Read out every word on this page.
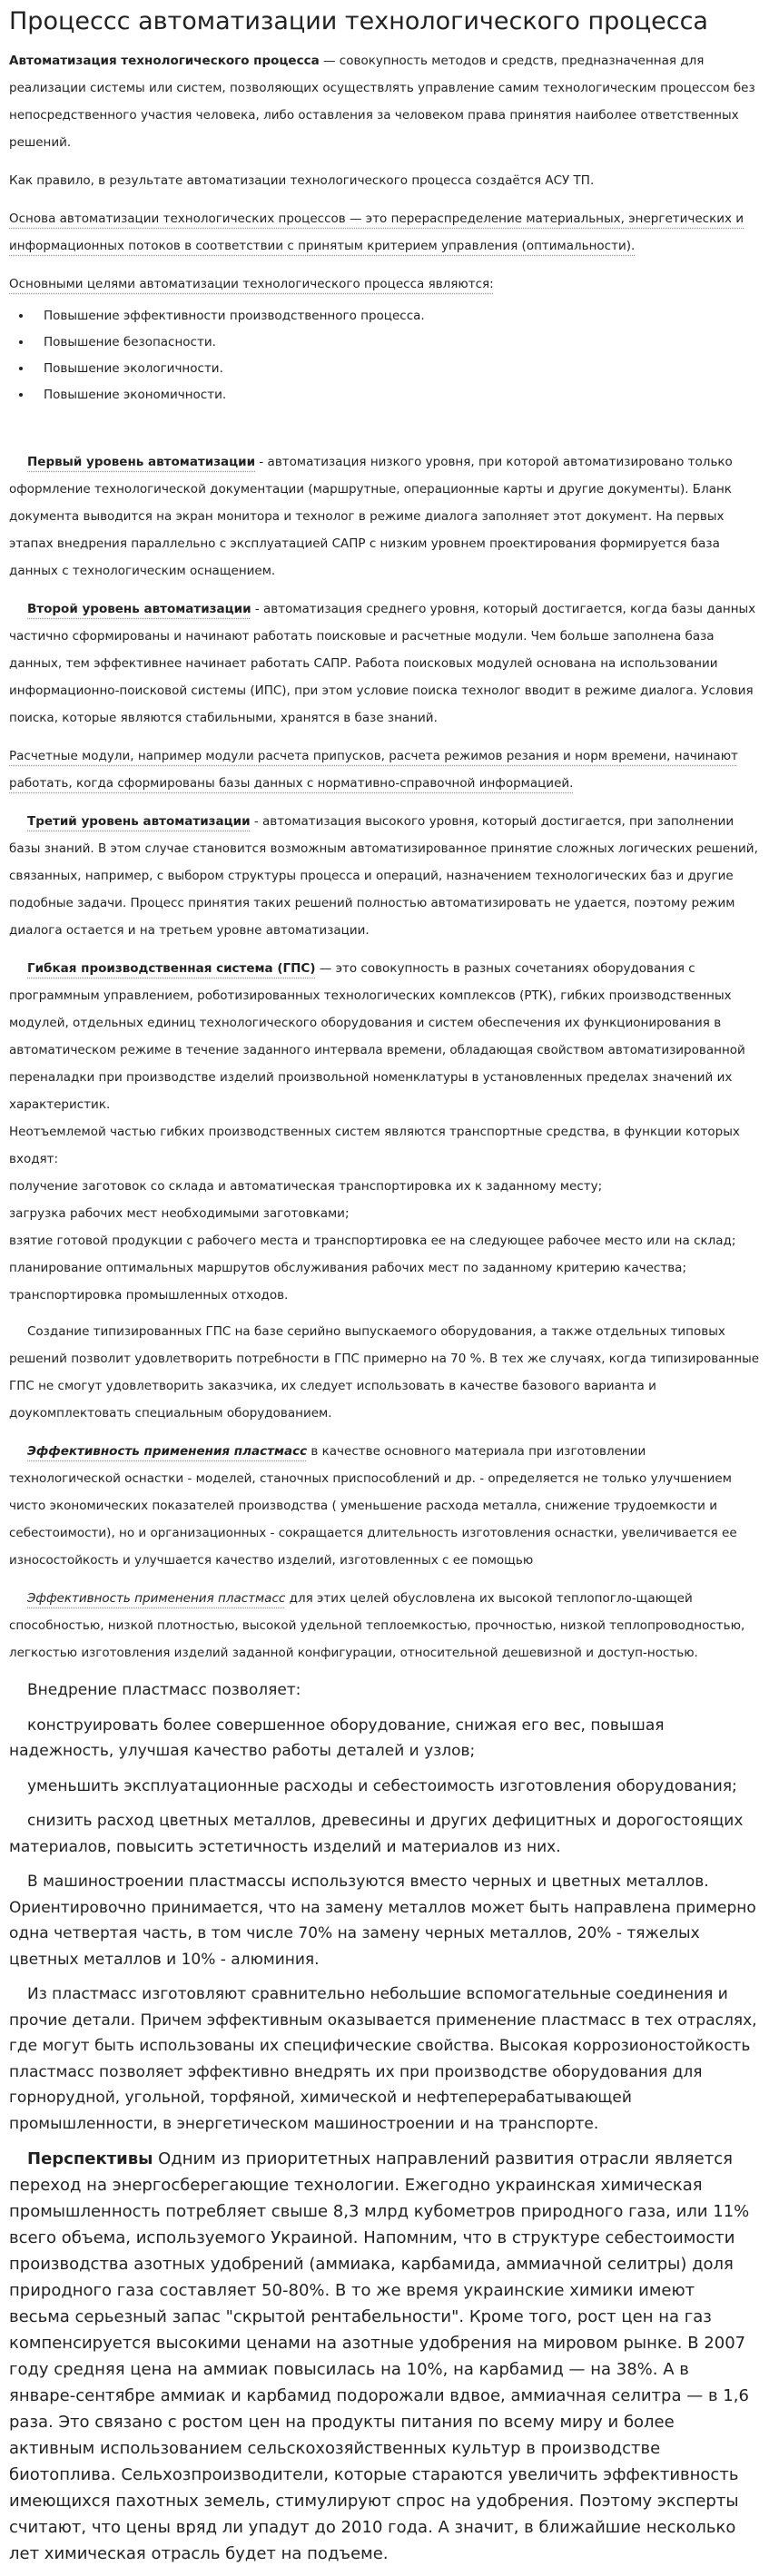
Процессс автоматизации технологического процесса

Автоматизация технологического процесса — совокупность методов и средств, предназначенная для реализации системы или систем, позволяющих осуществлять управление самим технологическим процессом без непосредственного участия человека, либо оставления за человеком права принятия наиболее ответственных решений.

Как правило, в результате автоматизации технологического процесса создаётся АСУ ТП.

Основа автоматизации технологических процессов — это перераспределение материальных, энергетических и информационных потоков в соответствии с принятым критерием управления (оптимальности).

Основными целями автоматизации технологического процесса являются:

• Повышение эффективности производственного процесса.
• Повышение безопасности.
• Повышение экологичности.
• Повышение экономичности.

Первый уровень автоматизации - автоматизация низкого уровня, при которой автоматизировано только оформление технологической документации (маршрутные, операционные карты и другие документы). Бланк документа выводится на экран монитора и технолог в режиме диалога заполняет этот документ. На первых этапах внедрения параллельно с эксплуатацией САПР с низким уровнем проектирования формируется база данных с технологическим оснащением.

Второй уровень автоматизации - автоматизация среднего уровня, который достигается, когда базы данных частично сформированы и начинают работать поисковые и расчетные модули. Чем больше заполнена база данных, тем эффективнее начинает работать САПР. Работа поисковых модулей основана на использовании информационно-поисковой системы (ИПС), при этом условие поиска технолог вводит в режиме диалога. Условия поиска, которые являются стабильными, хранятся в базе знаний.

Расчетные модули, например модули расчета припусков, расчета режимов резания и норм времени, начинают работать, когда сформированы базы данных с нормативно-справочной информацией.

Третий уровень автоматизации - автоматизация высокого уровня, который достигается, при заполнении базы знаний. В этом случае становится возможным автоматизированное принятие сложных логических решений, связанных, например, с выбором структуры процесса и операций, назначением технологических баз и другие подобные задачи. Процесс принятия таких решений полностью автоматизировать не удается, поэтому режим диалога остается и на третьем уровне автоматизации.

Гибкая производственная система (ГПС) — это совокупность в разных сочетаниях оборудования с программным управлением, роботизированных технологических комплексов (РТК), гибких производственных модулей, отдельных единиц технологического оборудования и систем обеспечения их функционирования в автоматическом режиме в течение заданного интервала времени, обладающая свойством автоматизированной переналадки при производстве изделий произвольной номенклатуры в установленных пределах значений их характеристик.

Неотъемлемой частью гибких производственных систем являются транспортные средства, в функции которых входят:
получение заготовок со склада и автоматическая транспортировка их к заданному месту;
загрузка рабочих мест необходимыми заготовками;
взятие готовой продукции с рабочего места и транспортировка ее на следующее рабочее место или на склад;
планирование оптимальных маршрутов обслуживания рабочих мест по заданному критерию качества;
транспортировка промышленных отходов.

Создание типизированных ГПС на базе серийно выпускаемого оборудования, а также отдельных типовых решений позволит удовлетворить потребности в ГПС примерно на 70 %. В тех же случаях, когда типизированные ГПС не смогут удовлетворить заказчика, их следует использовать в качестве базового варианта и доукомплектовать специальным оборудованием.

Эффективность применения пластмасс в качестве основного материала при изготовлении технологической оснастки - моделей, станочных приспособлений и др. - определяется не только улучшением чисто экономических показателей производства ( уменьшение расхода металла, снижение трудоемкости и себестоимости), но и организационных - сокращается длительность изготовления оснастки, увеличивается ее износостойкость и улучшается качество изделий, изготовленных с ее помощью

Эффективность применения пластмасс для этих целей обусловлена их высокой теплопогло-щающей способностью, низкой плотностью, высокой удельной теплоемкостью, прочностью, низкой теплопроводностью, легкостью изготовления изделий заданной конфигурации, относительной дешевизной и доступ-ностью.

Внедрение пластмасс позволяет:

конструировать более совершенное оборудование, снижая его вес, повышая надежность, улучшая качество работы деталей и узлов;

уменьшить эксплуатационные расходы и себестоимость изготовления оборудования;

снизить расход цветных металлов, древесины и других дефицитных и дорогостоящих материалов, повысить эстетичность изделий и материалов из них.

В машиностроении пластмассы используются вместо черных и цветных металлов. Ориентировочно принимается, что на замену металлов может быть направлена примерно одна четвертая часть, в том числе 70% на замену черных металлов, 20% - тяжелых цветных металлов и 10% - алюминия.

Из пластмасс изготовляют сравнительно небольшие вспомогательные соединения и прочие детали. Причем эффективным оказывается применение пластмасс в тех отраслях, где могут быть использованы их специфические свойства. Высокая коррозионостойкость пластмасс позволяет эффективно внедрять их при производстве оборудования для горнорудной, угольной, торфяной, химической и нефтеперерабатывающей промышленности, в энергетическом машиностроении и на транспорте.

Перспективы Одним из приоритетных направлений развития отрасли является переход на энергосберегающие технологии. Ежегодно украинская химическая промышленность потребляет свыше 8,3 млрд кубометров природного газа, или 11% всего объема, используемого Украиной. Напомним, что в структуре себестоимости производства азотных удобрений (аммиака, карбамида, аммиачной селитры) доля природного газа составляет 50-80%. В то же время украинские химики имеют весьма серьезный запас "скрытой рентабельности". Кроме того, рост цен на газ компенсируется высокими ценами на азотные удобрения на мировом рынке. В 2007 году средняя цена на аммиак повысилась на 10%, на карбамид — на 38%. А в январе-сентябре аммиак и карбамид подорожали вдвое, аммиачная селитра — в 1,6 раза. Это связано с ростом цен на продукты питания по всему миру и более активным использованием сельскохозяйственных культур в производстве биотоплива. Сельхозпроизводители, которые стараются увеличить эффективность имеющихся пахотных земель, стимулируют спрос на удобрения. Поэтому эксперты считают, что цены вряд ли упадут до 2010 года. А значит, в ближайшие несколько лет химическая отрасль будет на подъеме.
